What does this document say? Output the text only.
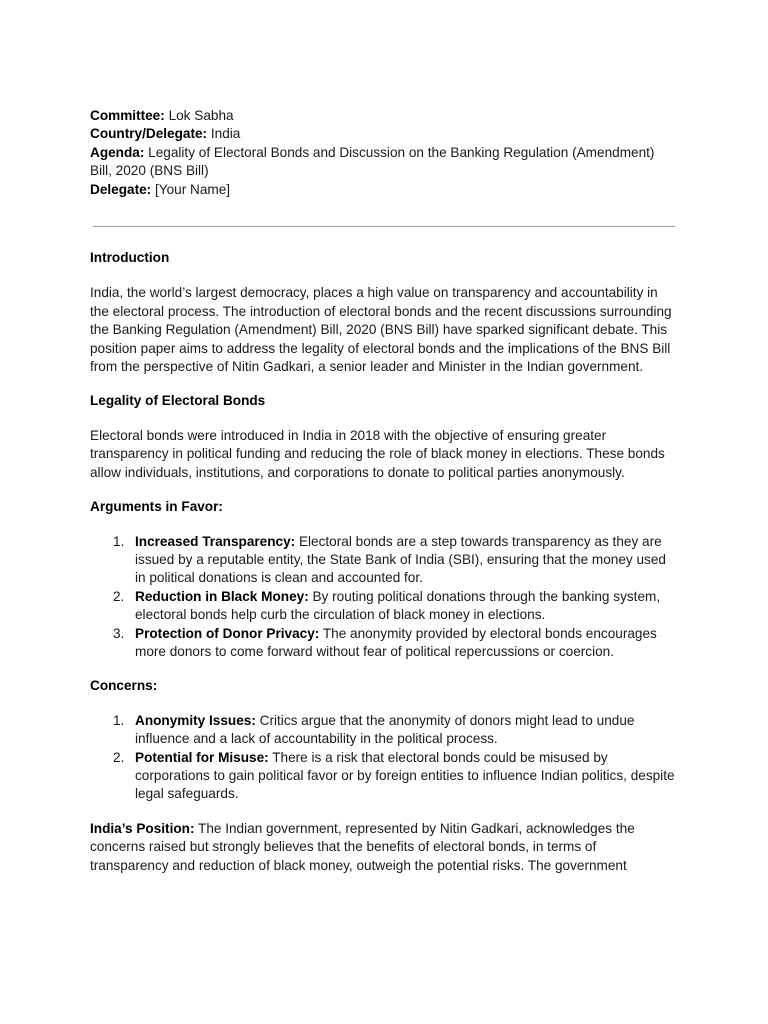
Committee: Lok Sabha

Country/Delegate: India

Agenda: Legality of Electoral Bonds and Discussion on the Banking Regulation (Amendment) Bill, 2020 (BNS Bill)

Delegate: [Your Name]

Introduction

India, the world’s largest democracy, places a high value on transparency and accountability in the electoral process. The introduction of electoral bonds and the recent discussions surrounding the Banking Regulation (Amendment) Bill, 2020 (BNS Bill) have sparked significant debate. This position paper aims to address the legality of electoral bonds and the implications of the BNS Bill from the perspective of Nitin Gadkari, a senior leader and Minister in the Indian government.

Legality of Electoral Bonds

Electoral bonds were introduced in India in 2018 with the objective of ensuring greater transparency in political funding and reducing the role of black money in elections. These bonds allow individuals, institutions, and corporations to donate to political parties anonymously.

Arguments in Favor:

1. Increased Transparency: Electoral bonds are a step towards transparency as they are issued by a reputable entity, the State Bank of India (SBI), ensuring that the money used in political donations is clean and accounted for.
2. Reduction in Black Money: By routing political donations through the banking system, electoral bonds help curb the circulation of black money in elections.
3. Protection of Donor Privacy: The anonymity provided by electoral bonds encourages more donors to come forward without fear of political repercussions or coercion.

Concerns:

1. Anonymity Issues: Critics argue that the anonymity of donors might lead to undue influence and a lack of accountability in the political process.
2. Potential for Misuse: There is a risk that electoral bonds could be misused by corporations to gain political favor or by foreign entities to influence Indian politics, despite legal safeguards.

India’s Position: The Indian government, represented by Nitin Gadkari, acknowledges the concerns raised but strongly believes that the benefits of electoral bonds, in terms of transparency and reduction of black money, outweigh the potential risks. The government
